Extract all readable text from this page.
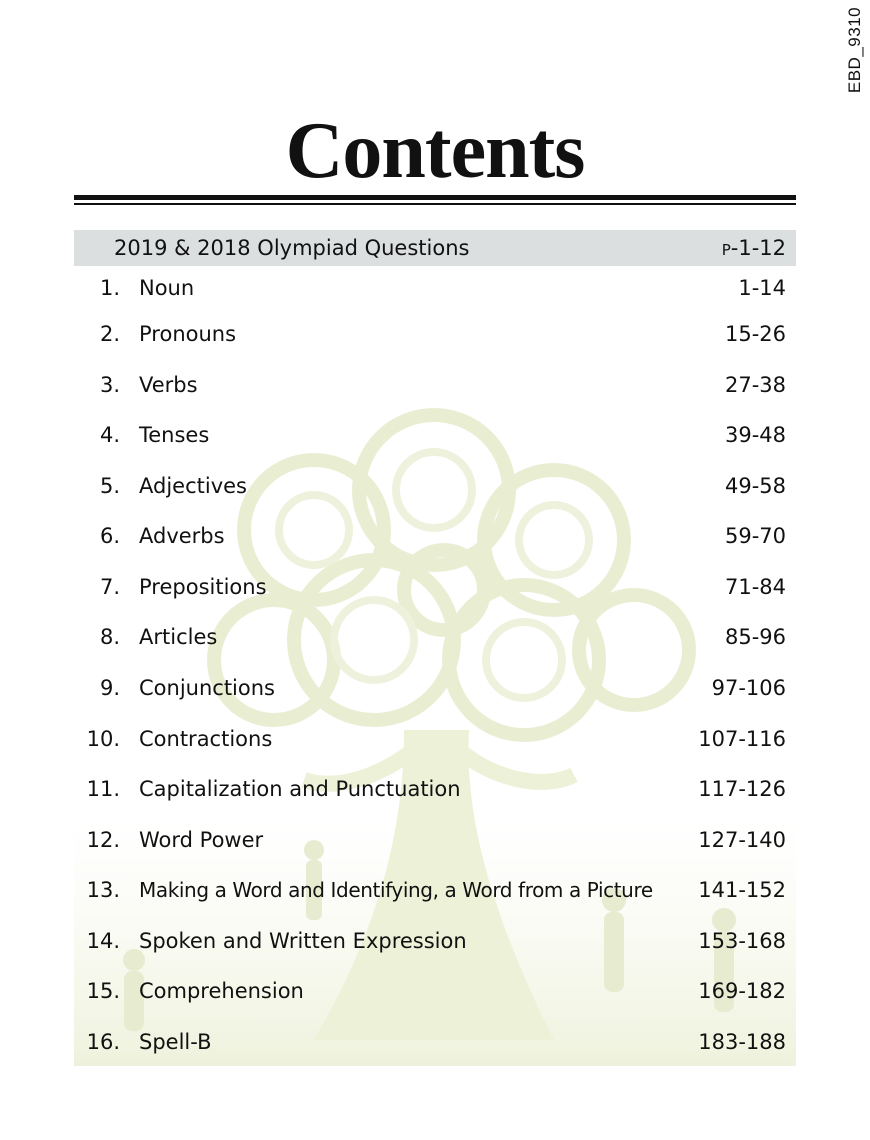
EBD_9310
Contents
2019 & 2018 Olympiad Questions	P-1-12
1. Noun	1-14
2. Pronouns	15-26
3. Verbs	27-38
4. Tenses	39-48
5. Adjectives	49-58
6. Adverbs	59-70
7. Prepositions	71-84
8. Articles	85-96
9. Conjunctions	97-106
10. Contractions	107-116
11. Capitalization and Punctuation	117-126
12. Word Power	127-140
13. Making a Word and Identifying, a Word from a Picture 141-152
14. Spoken and Written Expression	153-168
15. Comprehension	169-182
16. Spell-B	183-188
